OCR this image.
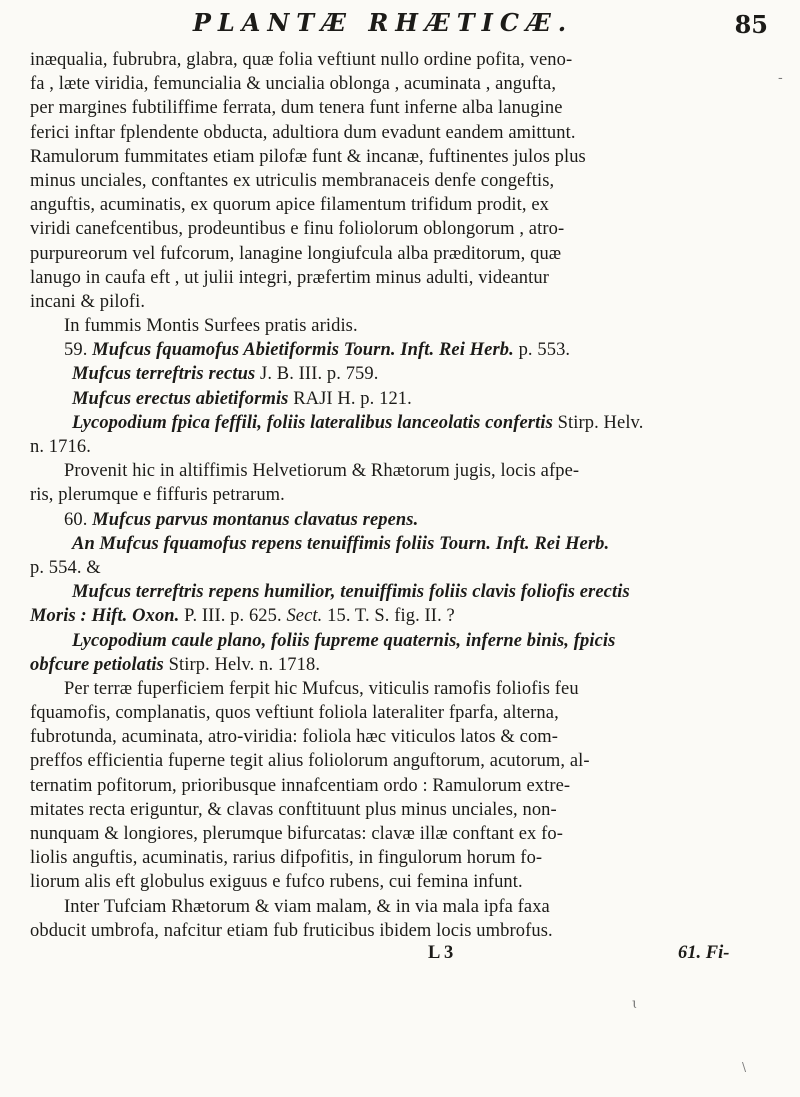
PLANTÆ RHÆTICÆ.	85
-
inæqualia, fubrubra, glabra, quæ folia veftiunt nullo ordine pofita, veno-
fa , læte viridia, femuncialia & uncialia oblonga , acuminata , angufta,
per margines fubtiliffime ferrata, dum tenera funt inferne alba lanugine
ferici inftar fplendente obducta, adultiora dum evadunt eandem amittunt.
Ramulorum fummitates etiam pilofæ funt & incanæ, fuftinentes julos plus
minus unciales, conftantes ex utriculis membranaceis denfe congeftis,
anguftis, acuminatis, ex quorum apice filamentum trifidum prodit, ex
viridi canefcentibus, prodeuntibus e finu foliolorum oblongorum , atro-
purpureorum vel fufcorum, lanagine longiufcula alba præditorum, quæ
lanugo in caufa eft , ut julii integri, præfertim minus adulti, videantur
incani & pilofi.
In fummis Montis Surfees pratis aridis.
59. Mufcus fquamofus Abietiformis Tourn. Inft. Rei Herb. p. 553.
Mufcus terreftris rectus J. B. III. p. 759.
Mufcus erectus abietiformis RAJI H. p. 121.
Lycopodium fpica feffili, foliis lateralibus lanceolatis confertis Stirp. Helv.
n. 1716.
Provenit hic in altiffimis Helvetiorum & Rhætorum jugis, locis afpe-
ris, plerumque e fiffuris petrarum.
60. Mufcus parvus montanus clavatus repens.
An Mufcus fquamofus repens tenuiffimis foliis Tourn. Inft. Rei Herb.
p. 554. &
Mufcus terreftris repens humilior, tenuiffimis foliis clavis foliofis erectis
Moris : Hift. Oxon. P. III. p. 625. Sect. 15. T. S. fig. II. ?
Lycopodium caule plano, foliis fupreme quaternis, inferne binis, fpicis
obfcure petiolatis Stirp. Helv. n. 1718.
Per terræ fuperficiem ferpit hic Mufcus, viticulis ramofis foliofis feu
fquamofis, complanatis, quos veftiunt foliola lateraliter fparfa, alterna,
fubrotunda, acuminata, atro-viridia: foliola hæc viticulos latos & com-
preffos efficientia fuperne tegit alius foliolorum anguftorum, acutorum, al-
ternatim pofitorum, prioribusque innafcentiam ordo : Ramulorum extre-
mitates recta eriguntur, & clavas conftituunt plus minus unciales, non-
nunquam & longiores, plerumque bifurcatas: clavæ illæ conftant ex fo-
liolis anguftis, acuminatis, rarius difpofitis, in fingulorum horum fo-
liorum alis eft globulus exiguus e fufco rubens, cui femina infunt.
Inter Tufciam Rhætorum & viam malam, & in via mala ipfa faxa
obducit umbrofa, nafcitur etiam fub fruticibus ibidem locis umbrofus.
L 3	61. Fi-
ɩ
\
